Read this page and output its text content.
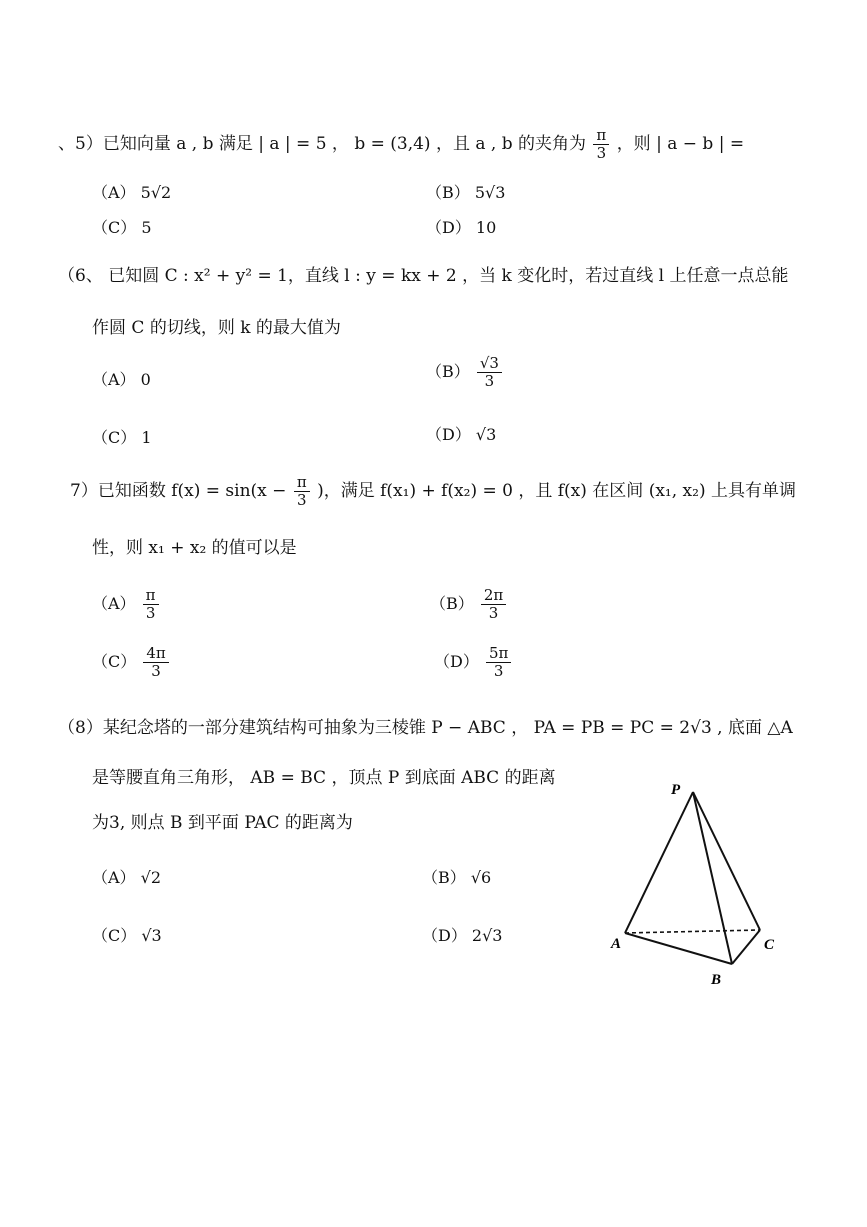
、5）已知向量 a , b 满足 | a | = 5 ， b = (3,4) ，且 a , b 的夹角为 $\frac{\pi}{3}$ ，则 | a − b | =
（A） 5√2	（B） 5√3
（C） 5	（D） 10
（6、 已知圆 C : x² + y² = 1，直线 l : y = kx + 2 ，当 k 变化时，若过直线 l 上任意一点总能
作圆 C 的切线，则 k 的最大值为
（A） 0	$(B) \frac{√3}{3}$
（C） 1	（D） √3
7）已知函数 $f(x) = \sin(x - \frac{\pi}{3}$ )，满足 f(x₁) + f(x₂) = 0 ，且 f(x) 在区间 (x₁, x₂) 上具有单调
性，则 x₁ + x₂ 的值可以是
$(A) \frac{\pi}{3}$	$(B) \frac{2\pi}{3}$
$(C) \frac{4\pi}{3}$	$(D) \frac{5\pi}{3}$
（8）某纪念塔的一部分建筑结构可抽象为三棱锥 P − ABC ， PA = PB = PC = 2√3 , 底面 △A
是等腰直角三角形， AB = BC ，顶点 P 到底面 ABC 的距离
为3, 则点 B 到平面 PAC 的距离为
（A） √2	（B） √6
（C） √3	（D） 2√3
P
A
B
C
